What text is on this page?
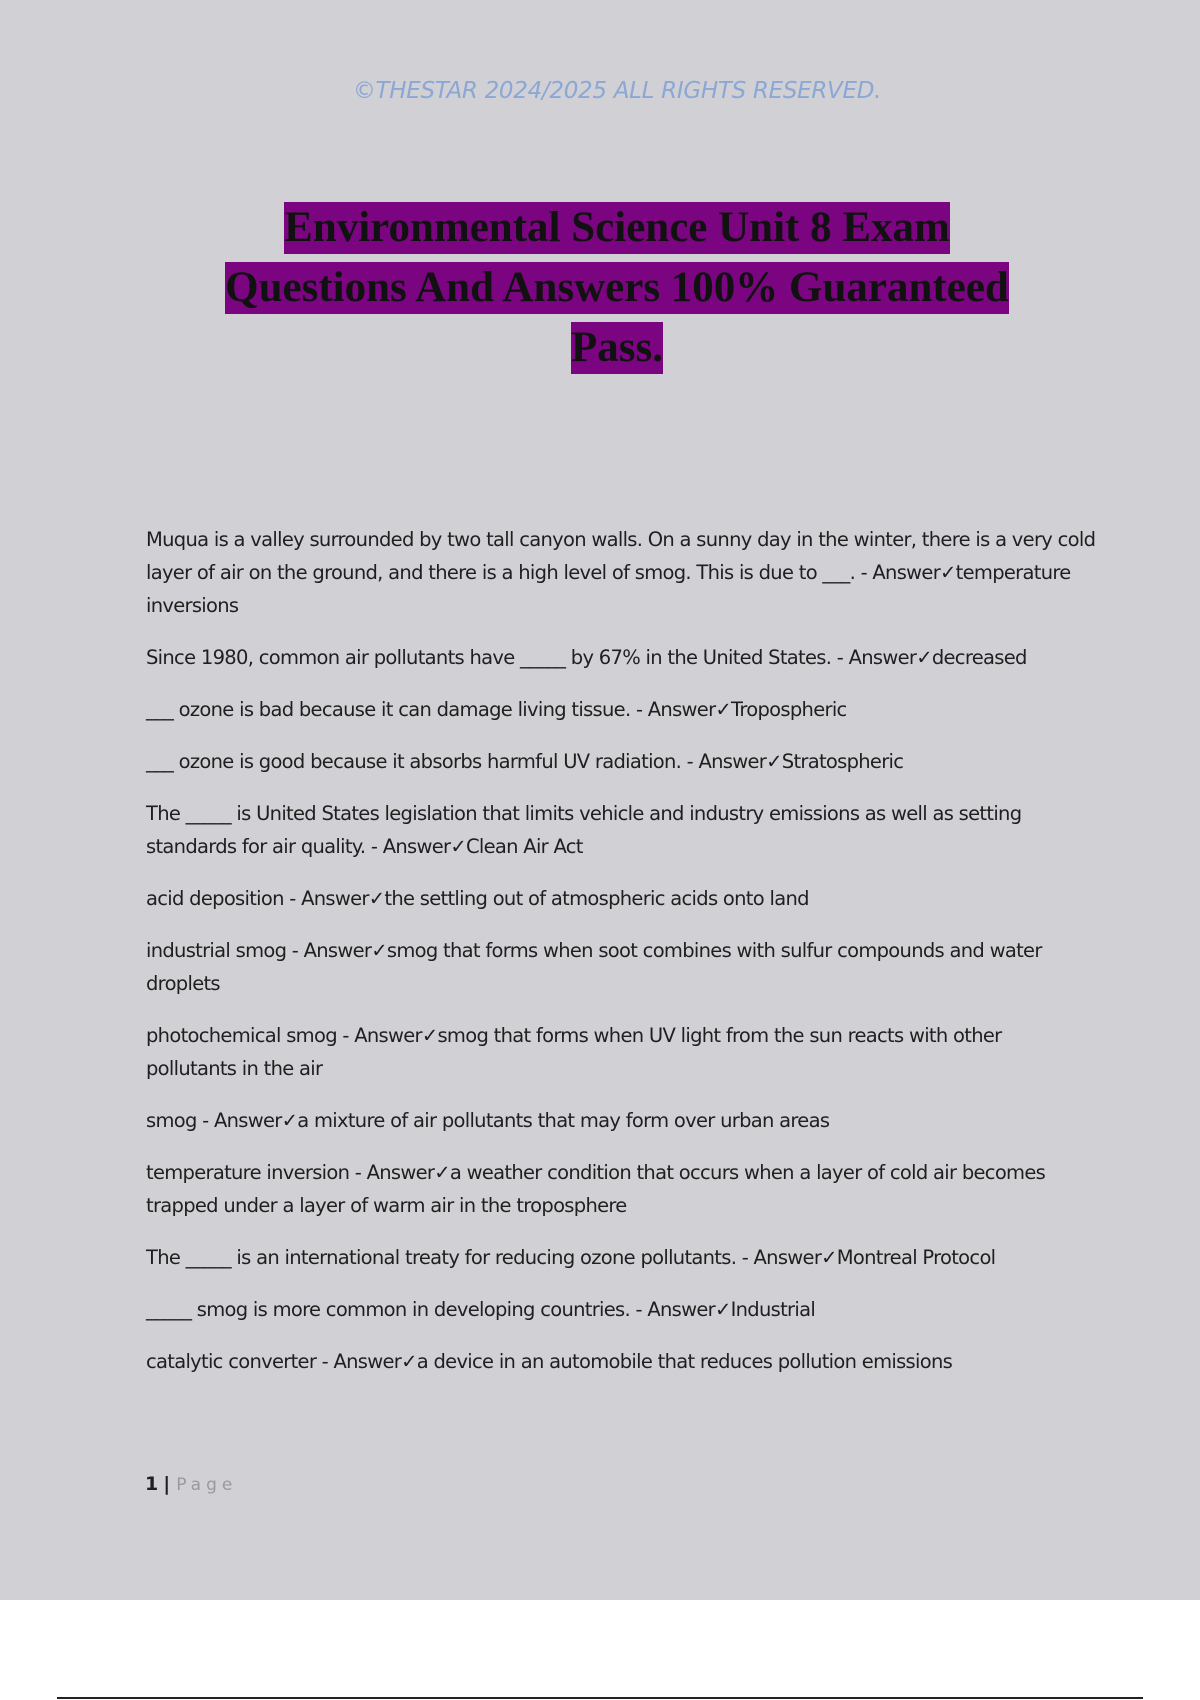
©THESTAR 2024/2025 ALL RIGHTS RESERVED.
Environmental Science Unit 8 Exam
Questions And Answers 100% Guaranteed
Pass.

Muqua is a valley surrounded by two tall canyon walls. On a sunny day in the winter, there is a very cold layer of air on the ground, and there is a high level of smog. This is due to ___. - Answer✓temperature inversions

Since 1980, common air pollutants have _____ by 67% in the United States. - Answer✓decreased

___ ozone is bad because it can damage living tissue. - Answer✓Tropospheric

___ ozone is good because it absorbs harmful UV radiation. - Answer✓Stratospheric

The _____ is United States legislation that limits vehicle and industry emissions as well as setting standards for air quality. - Answer✓Clean Air Act

acid deposition - Answer✓the settling out of atmospheric acids onto land

industrial smog - Answer✓smog that forms when soot combines with sulfur compounds and water droplets

photochemical smog - Answer✓smog that forms when UV light from the sun reacts with other pollutants in the air

smog - Answer✓a mixture of air pollutants that may form over urban areas

temperature inversion - Answer✓a weather condition that occurs when a layer of cold air becomes trapped under a layer of warm air in the troposphere

The _____ is an international treaty for reducing ozone pollutants. - Answer✓Montreal Protocol

_____ smog is more common in developing countries. - Answer✓Industrial

catalytic converter - Answer✓a device in an automobile that reduces pollution emissions

1 | Page
